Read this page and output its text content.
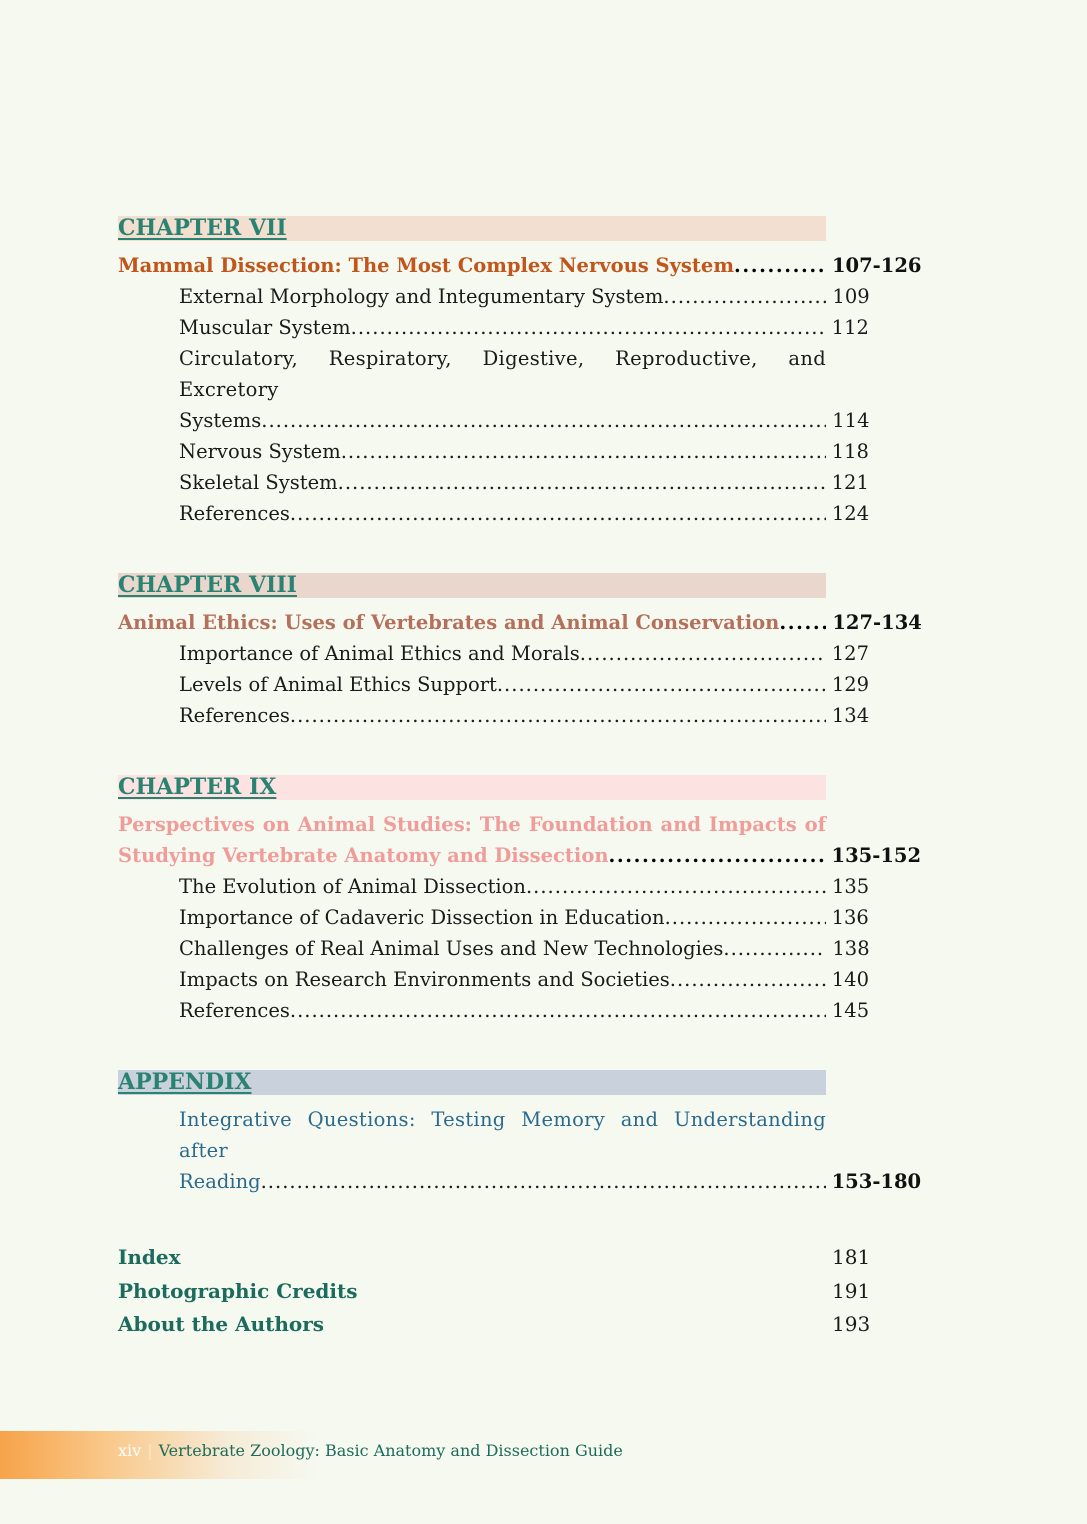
CHAPTER VII
Mammal Dissection: The Most Complex Nervous System . . .	107-126
External Morphology and Integumentary System . . .	109
Muscular System . . .	112
Circulatory, Respiratory, Digestive, Reproductive, and Excretory
Systems . . .	114
Nervous System . . .	118
Skeletal System . . .	121
References . . .	124
CHAPTER VIII
Animal Ethics: Uses of Vertebrates and Animal Conservation . . .	127-134
Importance of Animal Ethics and Morals . . .	127
Levels of Animal Ethics Support . . .	129
References . . .	134
CHAPTER IX
Perspectives on Animal Studies: The Foundation and Impacts of
Studying Vertebrate Anatomy and Dissection . . .	135-152
The Evolution of Animal Dissection . . .	135
Importance of Cadaveric Dissection in Education . . .	136
Challenges of Real Animal Uses and New Technologies . . .	138
Impacts on Research Environments and Societies . . .	140
References . . .	145
APPENDIX
Integrative Questions: Testing Memory and Understanding after
Reading . . .	153-180
Index	181
Photographic Credits	191
About the Authors	193
xiv | Vertebrate Zoology: Basic Anatomy and Dissection Guide
